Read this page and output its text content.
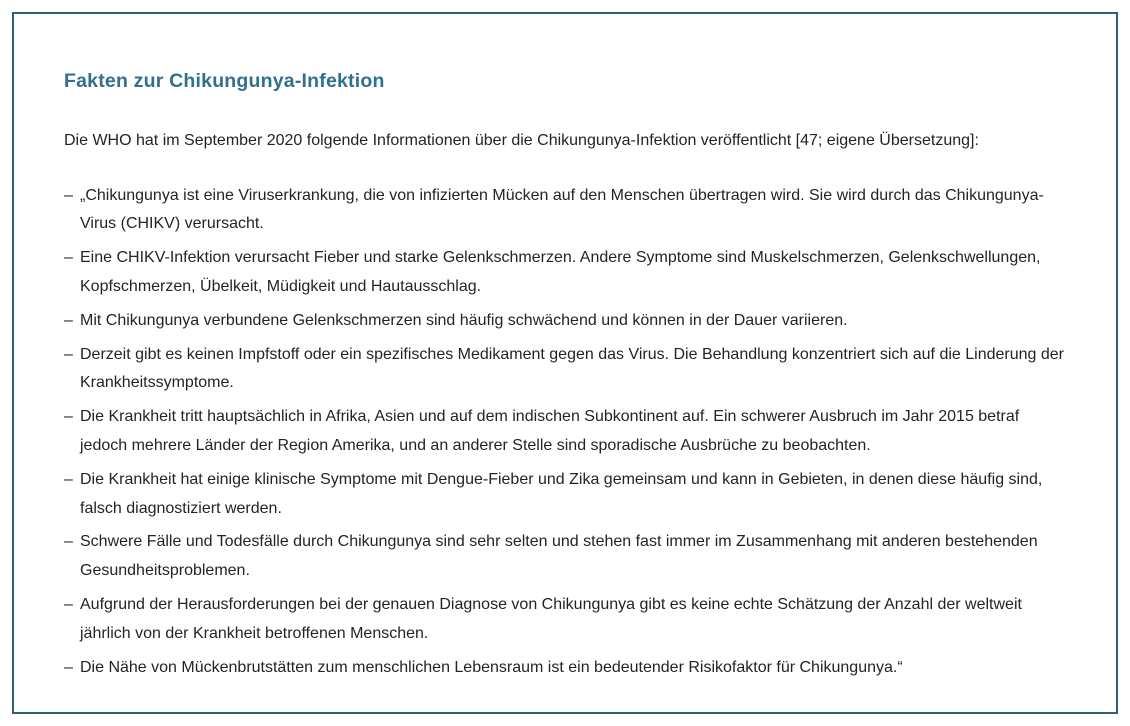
Fakten zur Chikungunya-Infektion

Die WHO hat im September 2020 folgende Informationen über die Chikungunya-Infektion veröffentlicht [47; eigene Übersetzung]:

– „Chikungunya ist eine Viruserkrankung, die von infizierten Mücken auf den Menschen übertragen wird. Sie wird durch das Chikungunya-Virus (CHIKV) verursacht.
– Eine CHIKV-Infektion verursacht Fieber und starke Gelenkschmerzen. Andere Symptome sind Muskelschmerzen, Gelenkschwellungen, Kopfschmerzen, Übelkeit, Müdigkeit und Hautausschlag.
– Mit Chikungunya verbundene Gelenkschmerzen sind häufig schwächend und können in der Dauer variieren.
– Derzeit gibt es keinen Impfstoff oder ein spezifisches Medikament gegen das Virus. Die Behandlung konzentriert sich auf die Linderung der Krankheitssymptome.
– Die Krankheit tritt hauptsächlich in Afrika, Asien und auf dem indischen Subkontinent auf. Ein schwerer Ausbruch im Jahr 2015 betraf jedoch mehrere Länder der Region Amerika, und an anderer Stelle sind sporadische Ausbrüche zu beobachten.
– Die Krankheit hat einige klinische Symptome mit Dengue-Fieber und Zika gemeinsam und kann in Gebieten, in denen diese häufig sind, falsch diagnostiziert werden.
– Schwere Fälle und Todesfälle durch Chikungunya sind sehr selten und stehen fast immer im Zusammenhang mit anderen bestehenden Gesundheitsproblemen.
– Aufgrund der Herausforderungen bei der genauen Diagnose von Chikungunya gibt es keine echte Schätzung der Anzahl der weltweit jährlich von der Krankheit betroffenen Menschen.
– Die Nähe von Mückenbrutstätten zum menschlichen Lebensraum ist ein bedeutender Risikofaktor für Chikungunya.“
